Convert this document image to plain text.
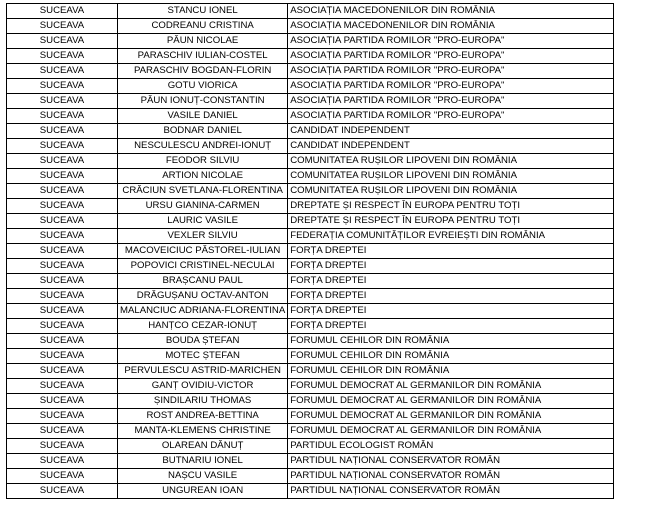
SUCEAVA	STANCU IONEL	ASOCIAȚIA MACEDONENILOR DIN ROMÂNIA
SUCEAVA	CODREANU CRISTINA	ASOCIAȚIA MACEDONENILOR DIN ROMÂNIA
SUCEAVA	PĂUN NICOLAE	ASOCIAȚIA PARTIDA ROMILOR "PRO-EUROPA"
SUCEAVA	PARASCHIV IULIAN-COSTEL	ASOCIAȚIA PARTIDA ROMILOR "PRO-EUROPA"
SUCEAVA	PARASCHIV BOGDAN-FLORIN	ASOCIAȚIA PARTIDA ROMILOR "PRO-EUROPA"
SUCEAVA	GOTU VIORICA	ASOCIAȚIA PARTIDA ROMILOR "PRO-EUROPA"
SUCEAVA	PĂUN IONUȚ-CONSTANTIN	ASOCIAȚIA PARTIDA ROMILOR "PRO-EUROPA"
SUCEAVA	VASILE DANIEL	ASOCIAȚIA PARTIDA ROMILOR "PRO-EUROPA"
SUCEAVA	BODNAR DANIEL	CANDIDAT INDEPENDENT
SUCEAVA	NESCULESCU ANDREI-IONUȚ	CANDIDAT INDEPENDENT
SUCEAVA	FEODOR SILVIU	COMUNITATEA RUȘILOR LIPOVENI DIN ROMÂNIA
SUCEAVA	ARTION NICOLAE	COMUNITATEA RUȘILOR LIPOVENI DIN ROMÂNIA
SUCEAVA	CRĂCIUN SVETLANA-FLORENTINA	COMUNITATEA RUȘILOR LIPOVENI DIN ROMÂNIA
SUCEAVA	URSU GIANINA-CARMEN	DREPTATE ȘI RESPECT ÎN EUROPA PENTRU TOȚI
SUCEAVA	LAURIC VASILE	DREPTATE ȘI RESPECT ÎN EUROPA PENTRU TOȚI
SUCEAVA	VEXLER SILVIU	FEDERAȚIA COMUNITĂȚILOR EVREIEȘTI DIN ROMÂNIA
SUCEAVA	MACOVEICIUC PĂSTOREL-IULIAN	FORȚA DREPTEI
SUCEAVA	POPOVICI CRISTINEL-NECULAI	FORȚA DREPTEI
SUCEAVA	BRAȘCANU PAUL	FORȚA DREPTEI
SUCEAVA	DRĂGUȘANU OCTAV-ANTON	FORȚA DREPTEI
SUCEAVA	MALANCIUC ADRIANA-FLORENTINA	FORȚA DREPTEI
SUCEAVA	HANȚCO CEZAR-IONUȚ	FORȚA DREPTEI
SUCEAVA	BOUDA ȘTEFAN	FORUMUL CEHILOR DIN ROMÂNIA
SUCEAVA	MOTEC ȘTEFAN	FORUMUL CEHILOR DIN ROMÂNIA
SUCEAVA	PERVULESCU ASTRID-MARICHEN	FORUMUL CEHILOR DIN ROMÂNIA
SUCEAVA	GANȚ OVIDIU-VICTOR	FORUMUL DEMOCRAT AL GERMANILOR DIN ROMÂNIA
SUCEAVA	ȘINDILARIU THOMAS	FORUMUL DEMOCRAT AL GERMANILOR DIN ROMÂNIA
SUCEAVA	ROST ANDREA-BETTINA	FORUMUL DEMOCRAT AL GERMANILOR DIN ROMÂNIA
SUCEAVA	MANTA-KLEMENS CHRISTINE	FORUMUL DEMOCRAT AL GERMANILOR DIN ROMÂNIA
SUCEAVA	OLAREAN DĂNUȚ	PARTIDUL ECOLOGIST ROMÂN
SUCEAVA	BUTNARIU IONEL	PARTIDUL NAȚIONAL CONSERVATOR ROMÂN
SUCEAVA	NAȘCU VASILE	PARTIDUL NAȚIONAL CONSERVATOR ROMÂN
SUCEAVA	UNGUREAN IOAN	PARTIDUL NAȚIONAL CONSERVATOR ROMÂN
